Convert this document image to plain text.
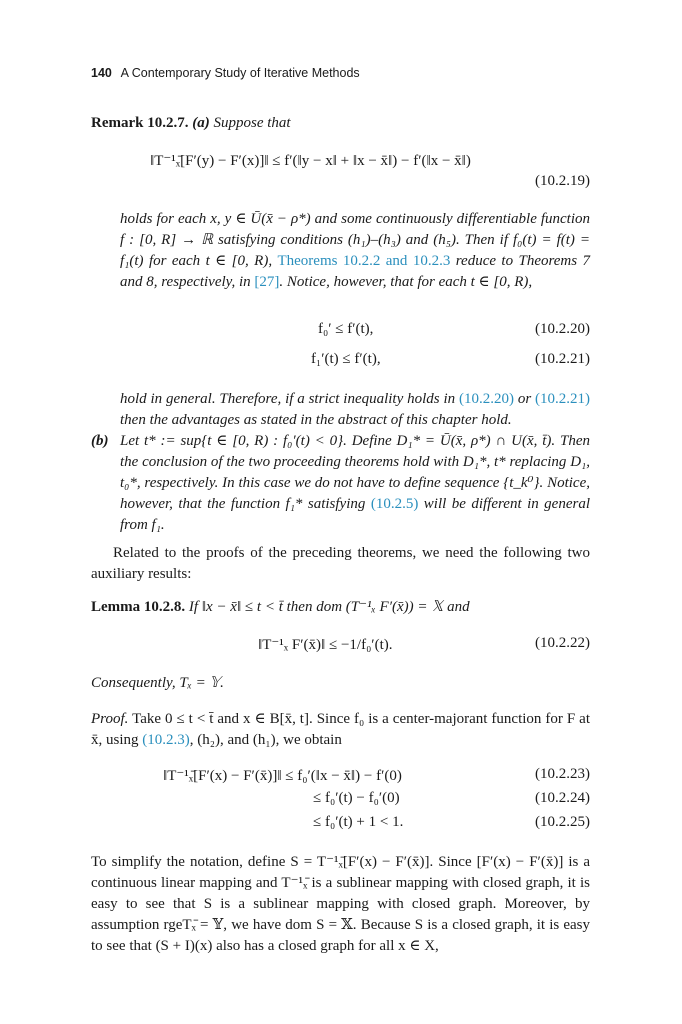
140 A Contemporary Study of Iterative Methods

Remark 10.2.7. (a) Suppose that

‖T⁻¹ₓ̄[F′(y) − F′(x)]‖ ≤ f′(‖y − x‖ + ‖x − x̄‖) − f′(‖x − x̄‖)
(10.2.19)

holds for each x, y ∈ Ū(x̄ − ρ*) and some continuously differentiable function f : [0, R] → ℝ satisfying conditions (h₁)–(h₃) and (h₅). Then if f₀(t) = f(t) = f₁(t) for each t ∈ [0, R), Theorems 10.2.2 and 10.2.3 reduce to Theorems 7 and 8, respectively, in [27]. Notice, however, that for each t ∈ [0, R),

f₀′ ≤ f′(t),	(10.2.20)
f₁′(t) ≤ f′(t),	(10.2.21)

hold in general. Therefore, if a strict inequality holds in (10.2.20) or (10.2.21) then the advantages as stated in the abstract of this chapter hold.

(b) Let t* := sup{t ∈ [0, R) : f₀′(t) < 0}. Define D₁* = Ū(x̄, ρ*) ∩ U(x̄, t̄). Then the conclusion of the two proceeding theorems hold with D₁*, t* replacing D₁, t₀*, respectively. In this case we do not have to define sequence {t_k⁰}. Notice, however, that the function f₁* satisfying (10.2.5) will be different in general from f₁.

Related to the proofs of the preceding theorems, we need the following two auxiliary results:

Lemma 10.2.8. If ‖x − x̄‖ ≤ t < t̄ then dom (T⁻¹ₓ F′(x̄)) = 𝕏 and

‖T⁻¹ₓ F′(x̄)‖ ≤ −1/f₀′(t).	(10.2.22)
Consequently, Tₓ = 𝕐.

Proof. Take 0 ≤ t < t̄ and x ∈ B[x̄, t]. Since f₀ is a center-majorant function for F at x̄, using (10.2.3), (h₂), and (h₁), we obtain

‖T⁻¹ₓ̄[F′(x) − F′(x̄)]‖ ≤ f₀′(‖x − x̄‖) − f′(0)	(10.2.23)
≤ f₀′(t) − f₀′(0)	(10.2.24)
≤ f₀′(t) + 1 < 1.	(10.2.25)

To simplify the notation, define S = T⁻¹ₓ̄[F′(x) − F′(x̄)]. Since [F′(x) − F′(x̄)] is a continuous linear mapping and T⁻¹ₓ̄ is a sublinear mapping with closed graph, it is easy to see that S is a sublinear mapping with closed graph. Moreover, by assumption rgeTₓ̄ = 𝕐, we have dom S = 𝕏. Because S is a closed graph, it is easy to see that (S + I)(x) also has a closed graph for all x ∈ X,
